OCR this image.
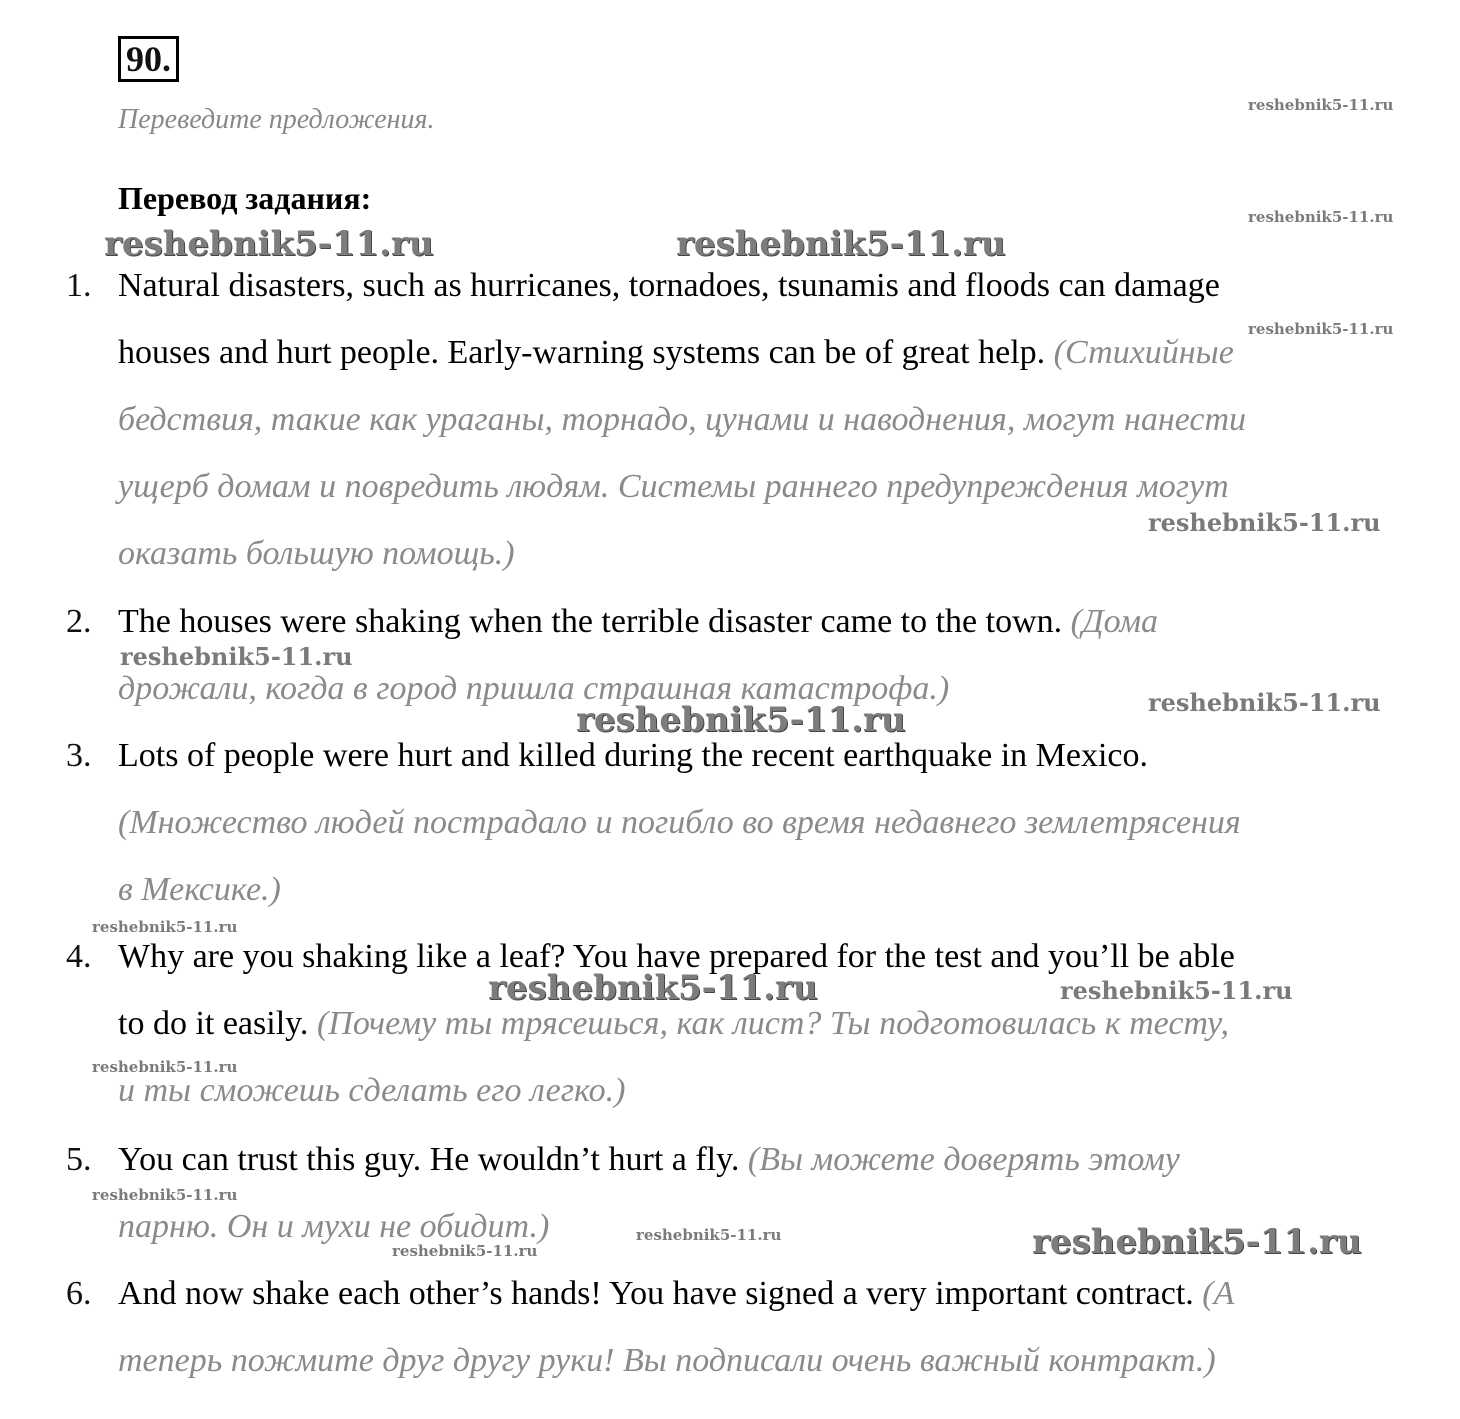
90.
Переведите предложения.
Перевод задания:
1. Natural disasters, such as hurricanes, tornadoes, tsunamis and floods can damage
houses and hurt people. Early-warning systems can be of great help. (Стихийные
бедствия, такие как ураганы, торнадо, цунами и наводнения, могут нанести
ущерб домам и повредить людям. Системы раннего предупреждения могут
оказать большую помощь.)
2. The houses were shaking when the terrible disaster came to the town. (Дома
дрожали, когда в город пришла страшная катастрофа.)
3. Lots of people were hurt and killed during the recent earthquake in Mexico.
(Множество людей пострадало и погибло во время недавнего землетрясения
в Мексике.)
4. Why are you shaking like a leaf? You have prepared for the test and you’ll be able
to do it easily. (Почему ты трясешься, как лист? Ты подготовилась к тесту,
и ты сможешь сделать его легко.)
5. You can trust this guy. He wouldn’t hurt a fly. (Вы можете доверять этому
парню. Он и мухи не обидит.)
6. And now shake each other’s hands! You have signed a very important contract. (А
теперь пожмите друг другу руки! Вы подписали очень важный контракт.)
reshebnik5-11.ru
reshebnik5-11.ru
reshebnik5-11.ru	reshebnik5-11.ru
reshebnik5-11.ru
reshebnik5-11.ru
reshebnik5-11.ru
reshebnik5-11.ru
reshebnik5-11.ru
reshebnik5-11.ru
reshebnik5-11.ru	reshebnik5-11.ru
reshebnik5-11.ru
reshebnik5-11.ru
reshebnik5-11.ru
reshebnik5-11.ru	reshebnik5-11.ru
